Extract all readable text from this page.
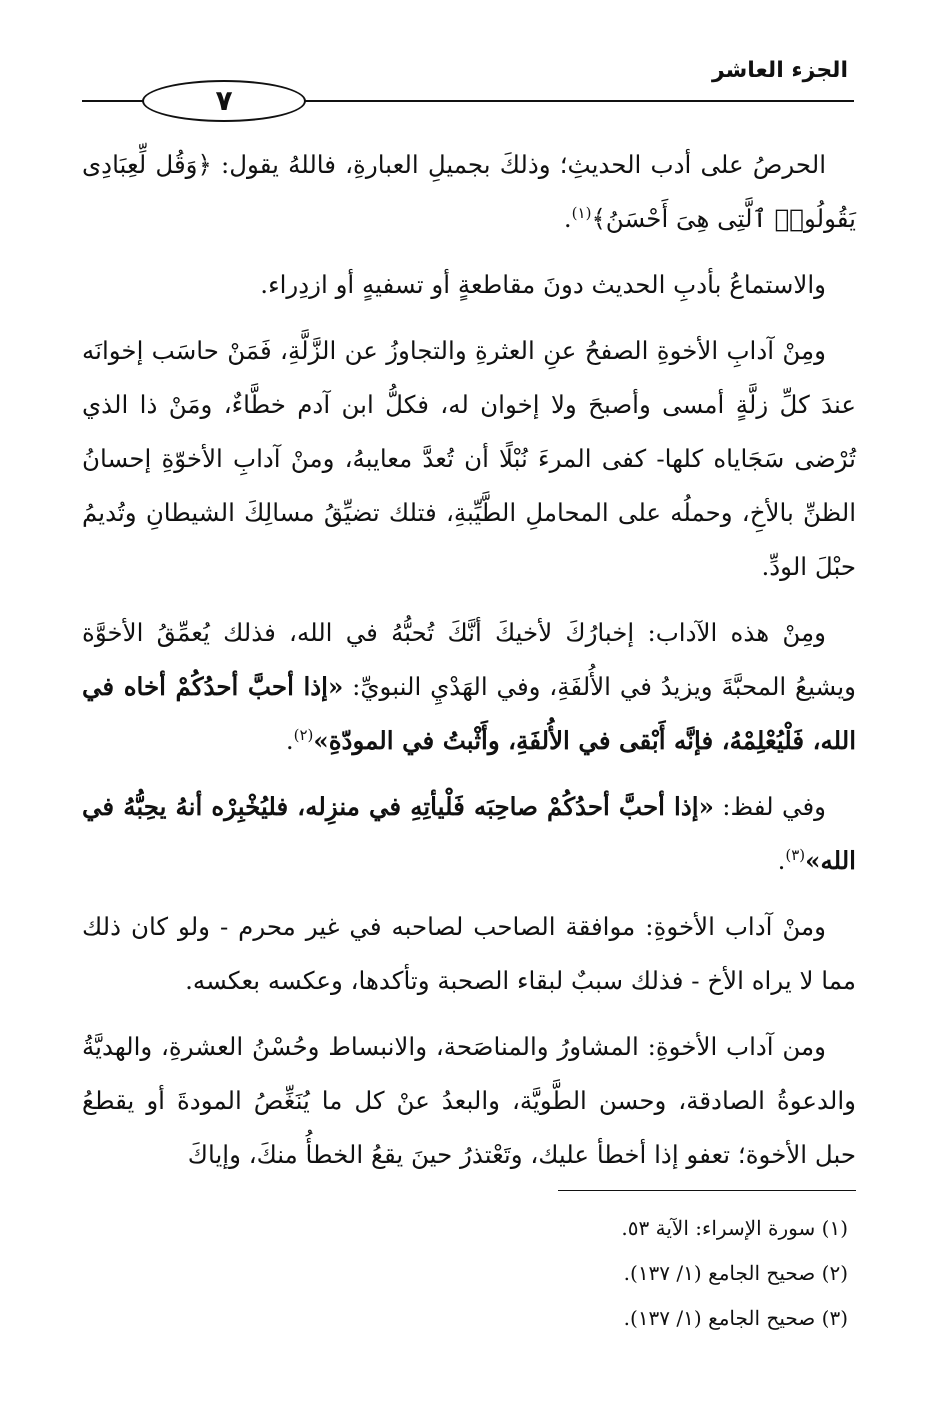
الجزء العاشر
٧

الحرصُ على أدب الحديثِ؛ وذلكَ بجميلِ العبارةِ، فاللهُ يقول: ﴿وَقُل لِّعِبَادِى يَقُولُوا۟ ٱلَّتِى هِىَ أَحْسَنُ﴾$^{(١)}$.

والاستماعُ بأدبِ الحديث دونَ مقاطعةٍ أو تسفيهٍ أو ازدِراء.

ومِنْ آدابِ الأخوةِ الصفحُ عنِ العثرةِ والتجاوزُ عن الزَّلَّةِ، فَمَنْ حاسَب إخوانَه عندَ كلِّ زلَّةٍ أمسى وأصبحَ ولا إخوان له، فكلُّ ابن آدم خطَّاءٌ، ومَنْ ذا الذي تُرْضى سَجَاياه كلها- كفى المرءَ نُبْلًا أن تُعدَّ معايبهُ، ومنْ آدابِ الأخوّةِ إحسانُ الظنِّ بالأخِ، وحملُه على المحاملِ الطَّيِّبةِ، فتلك تضيِّقُ مسالِكَ الشيطانِ وتُديمُ حبْلَ الودِّ.

ومِنْ هذه الآداب: إخبارُكَ لأخيكَ أنَّكَ تُحبُّهُ في الله، فذلك يُعمِّقُ الأخوَّة ويشيعُ المحبَّةَ ويزيدُ في الأُلفَةِ، وفي الهَدْيِ النبويِّ: «إذا أحبَّ أحدُكُمْ أخاه في الله، فَلْيُعْلِمْهُ، فإنَّه أَبْقى في الأُلفَةِ، وأَثْبتُ في المودّةِ»$^{(٢)}$.

وفي لفظ: «إذا أحبَّ أحدُكُمْ صاحِبَه فَلْيأتِهِ في منزِله، فليُخْبِرْه أنهُ يحِبُّهُ في الله»$^{(٣)}$.

ومنْ آداب الأخوةِ: موافقة الصاحب لصاحبه في غير محرم - ولو كان ذلك مما لا يراه الأخ - فذلك سببٌ لبقاء الصحبة وتأكدها، وعكسه بعكسه.

ومن آداب الأخوةِ: المشاورُ والمناصَحة، والانبساط وحُسْنُ العشرةِ، والهديَّةُ والدعوةُ الصادقة، وحسن الطَّويَّة، والبعدُ عنْ كل ما يُنَغِّصُ المودةَ أو يقطعُ حبل الأخوة؛ تعفو إذا أخطأ عليك، وتَعْتذرُ حينَ يقعُ الخطأُ منكَ، وإياكَ

(١) سورة الإسراء: الآية ٥٣.

(٢) صحيح الجامع (١/ ١٣٧).

(٣) صحيح الجامع (١/ ١٣٧).
